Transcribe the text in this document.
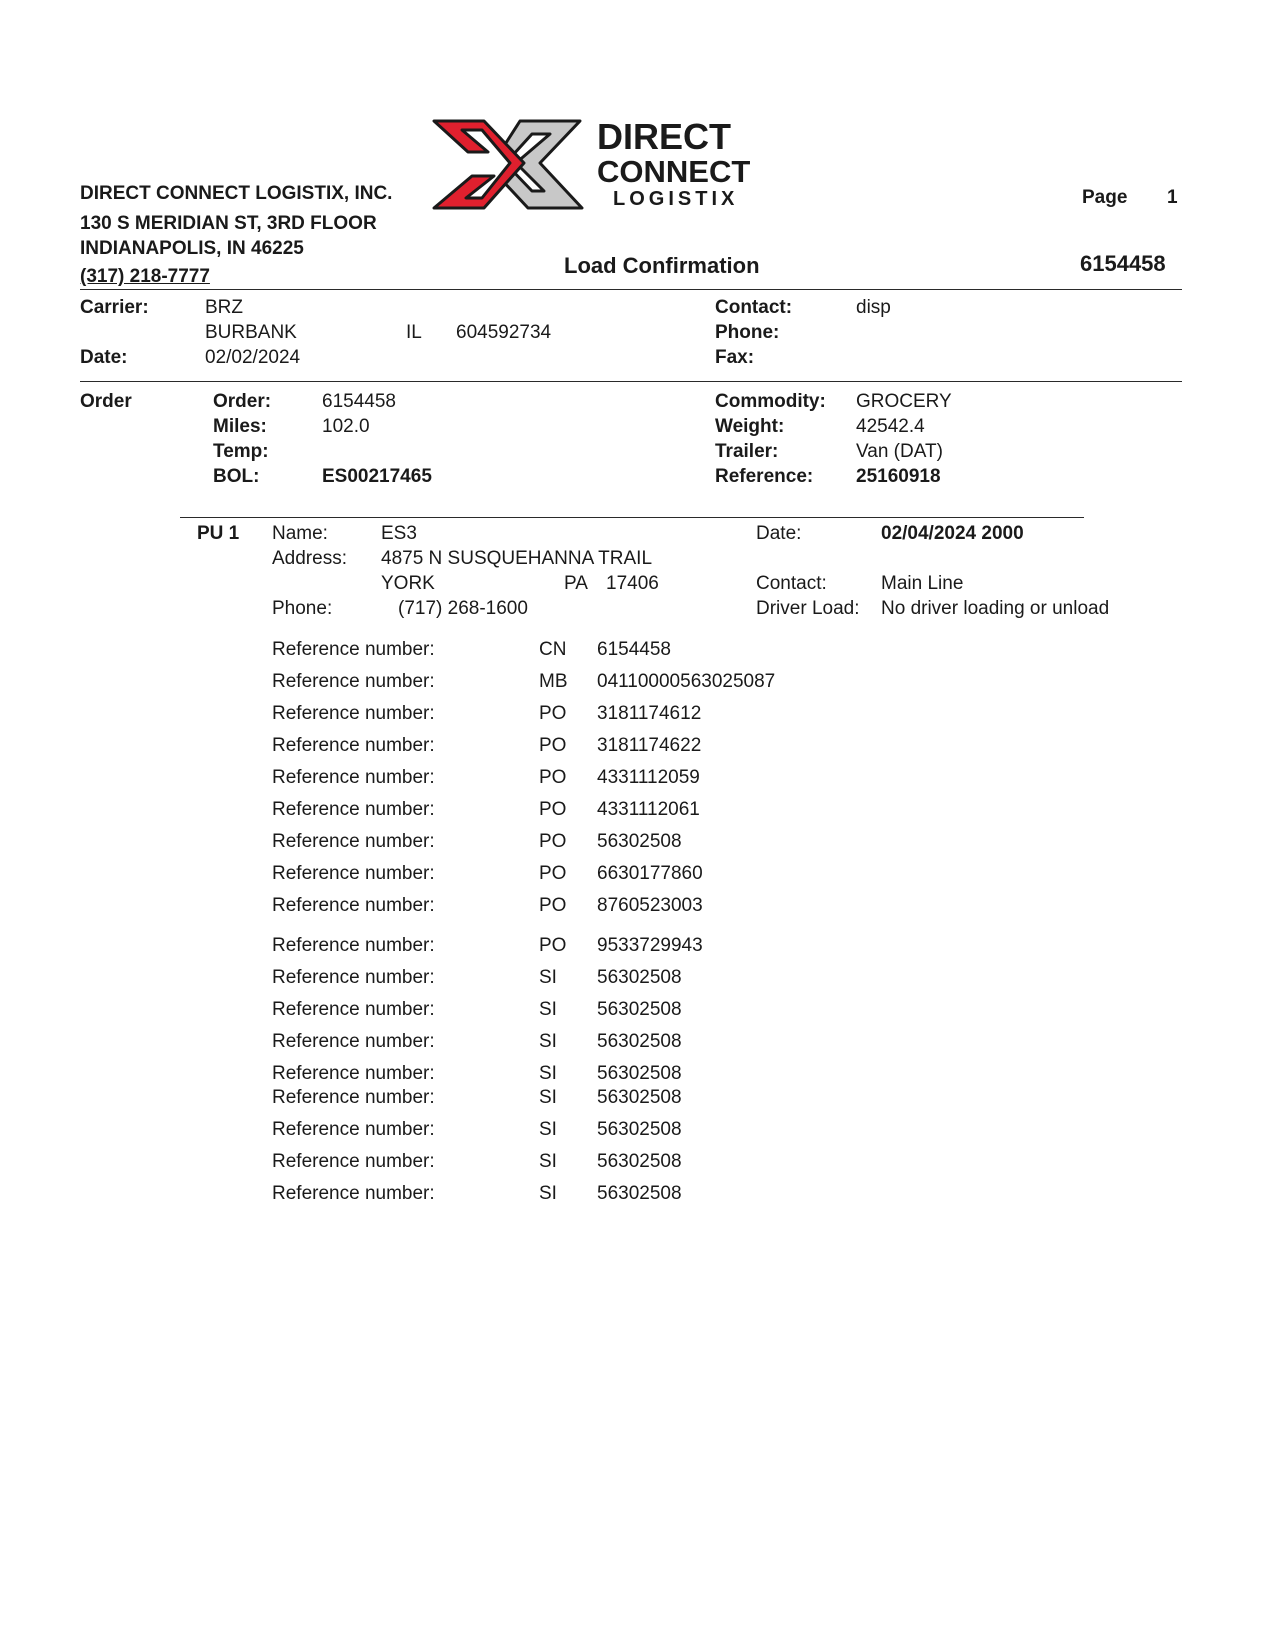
DIRECT
CONNECT
LOGISTIX
DIRECT CONNECT LOGISTIX, INC.
130 S MERIDIAN ST, 3RD FLOOR
INDIANAPOLIS, IN 46225
(317) 218-7777
Page 1
Load Confirmation	6154458
Carrier:	BRZ
BURBANK	IL 604592734
Date:	02/02/2024
Contact:	disp
Phone:
Fax:
Order	Order:	6154458
Miles:	102.0
Temp:
BOL:	ES00217465
Commodity: GROCERY
Weight:	42542.4
Trailer:	Van (DAT)
Reference: 25160918
PU 1 Name:	ES3
Address: 4875 N SUSQUEHANNA TRAIL
YORK	PA 17406
Phone:	(717) 268-1600
Date:	02/04/2024 2000
Contact:	Main Line
Driver Load: No driver loading or unload
Reference number:	CN 6154458
Reference number:	MB 04110000563025087
Reference number:	PO 3181174612
Reference number:	PO 3181174622
Reference number:	PO 4331112059
Reference number:	PO 4331112061
Reference number:	PO 56302508
Reference number:	PO 6630177860
Reference number:	PO 8760523003
Reference number:	PO 9533729943
Reference number:	SI 56302508
Reference number:	SI 56302508
Reference number:	SI 56302508
Reference number:	SI 56302508
Reference number:	SI 56302508
Reference number:	SI 56302508
Reference number:	SI 56302508
Reference number:	SI 56302508
